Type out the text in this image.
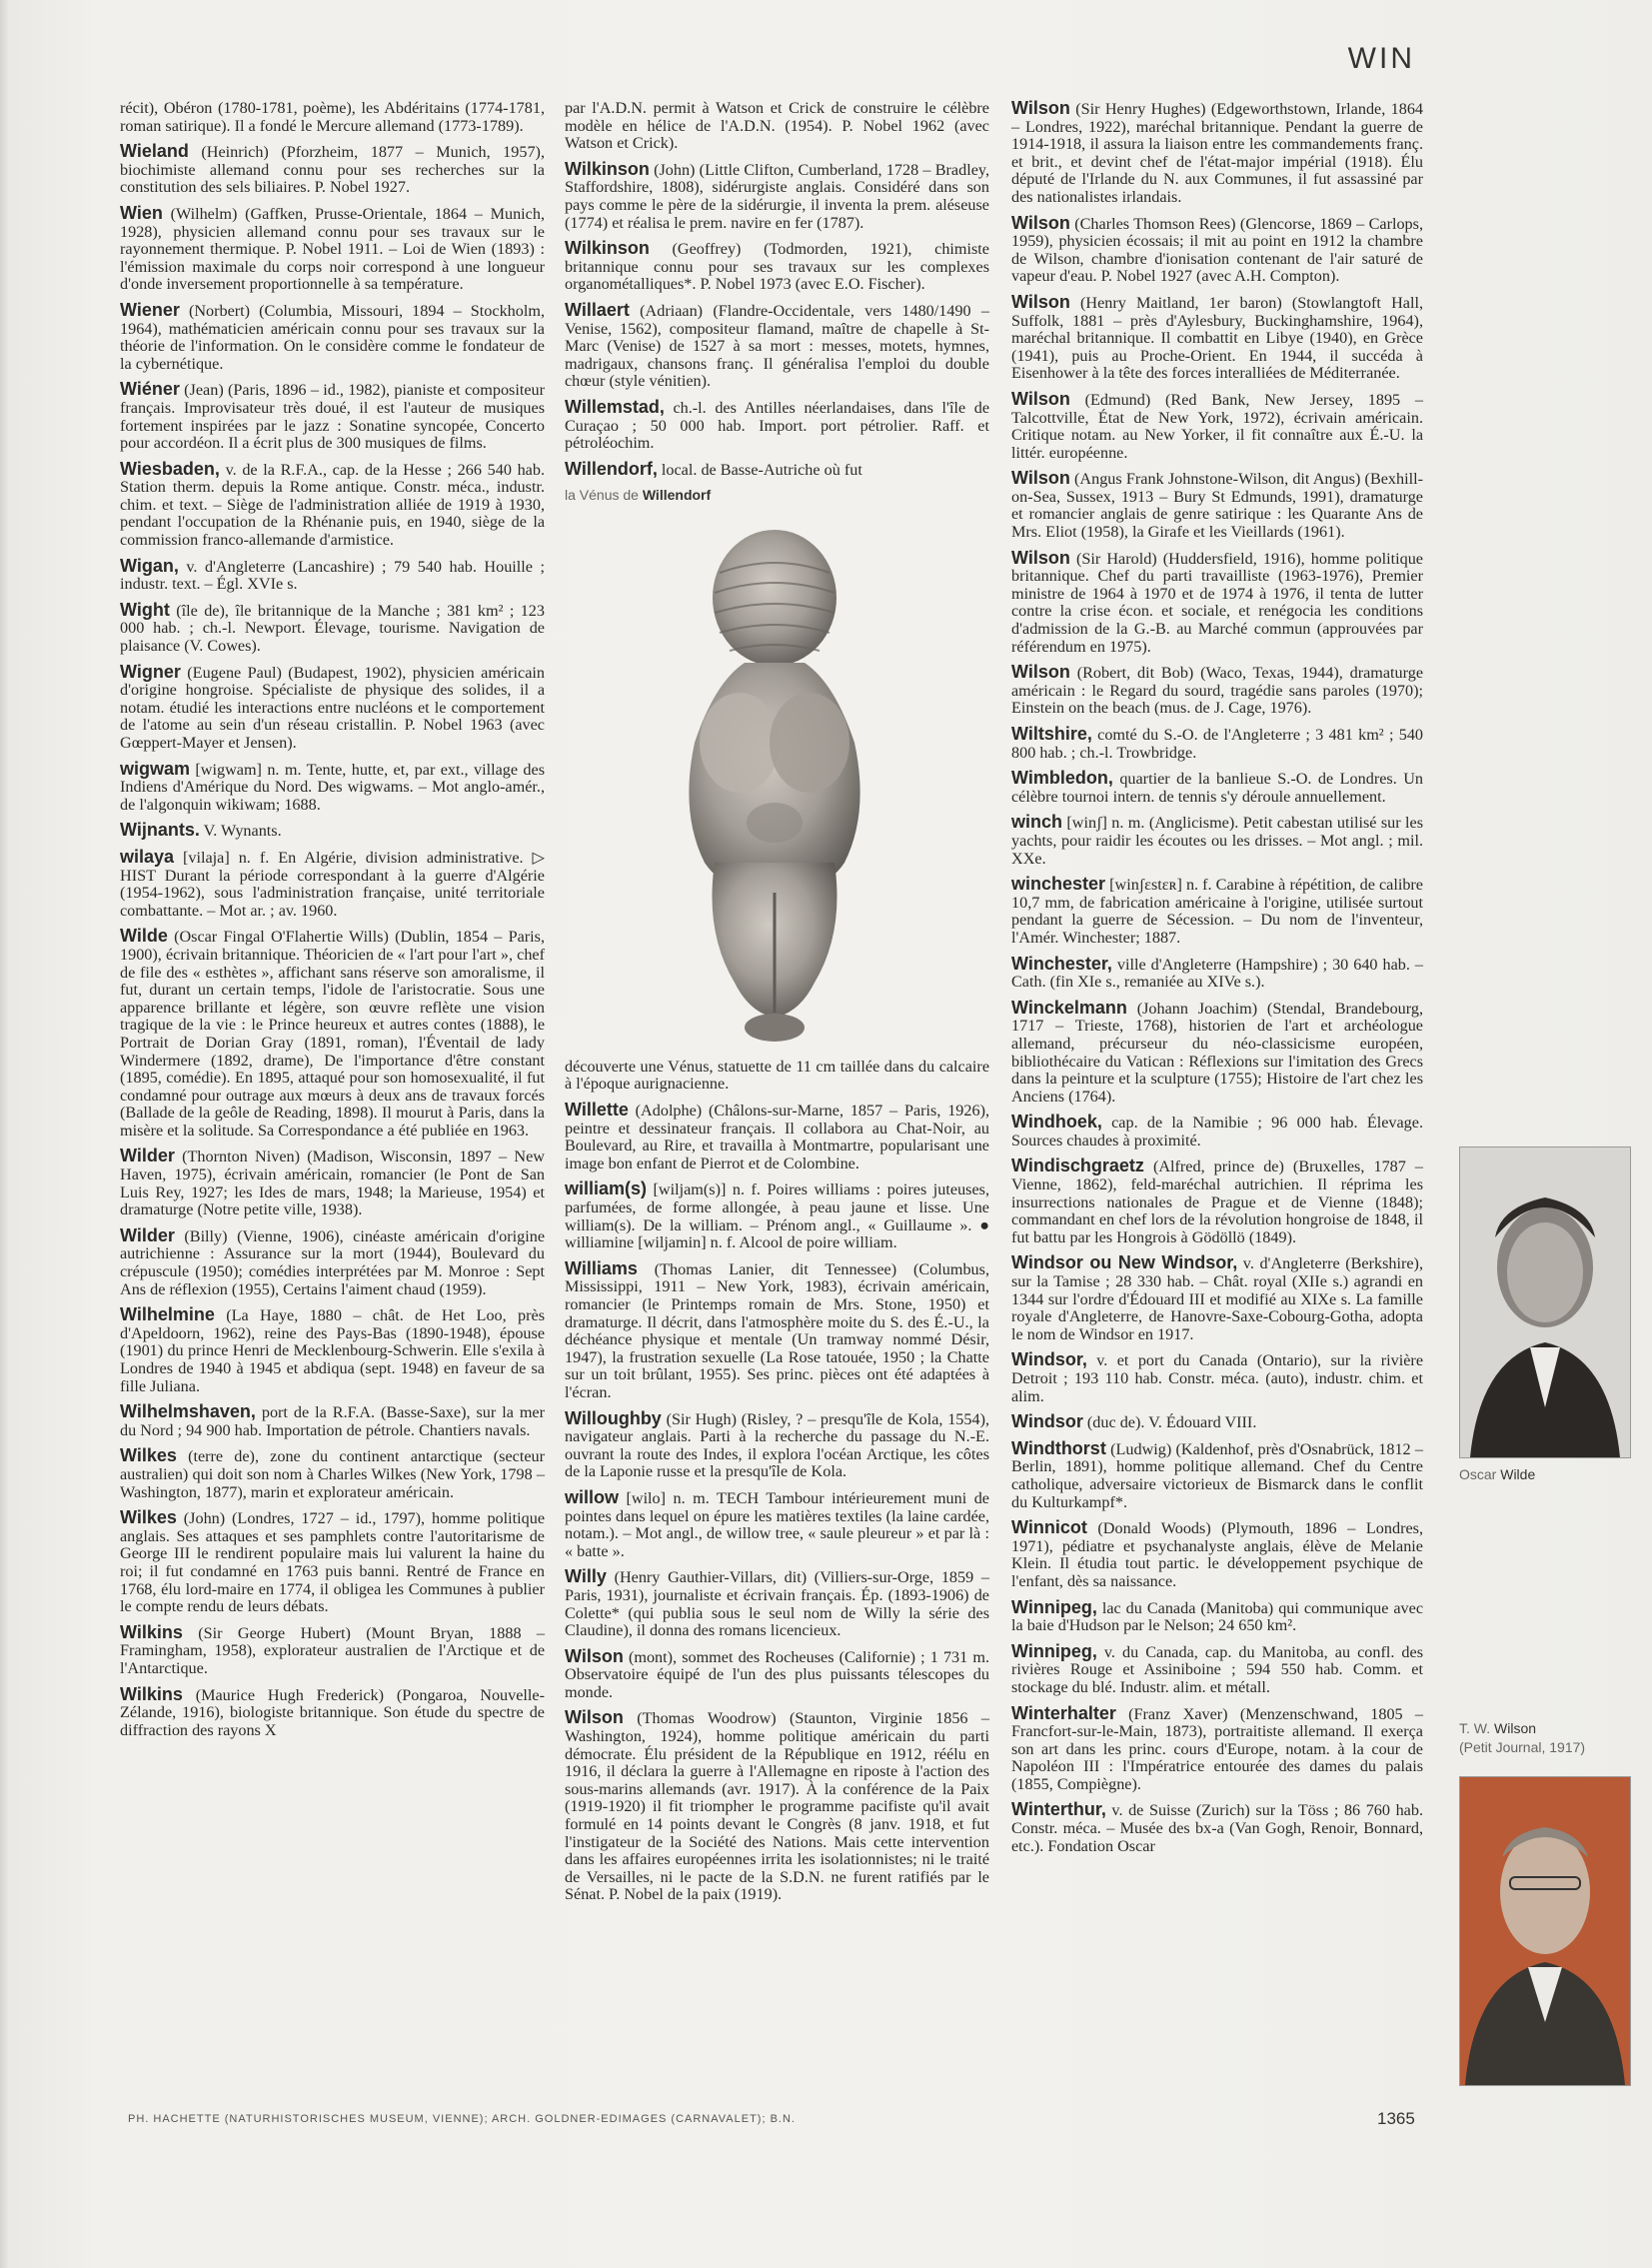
WIN

récit), Obéron (1780-1781, poème), les Abdéritains (1774-1781, roman satirique). Il a fondé le Mercure allemand (1773-1789).

Wieland (Heinrich) (Pforzheim, 1877 – Munich, 1957), biochimiste allemand connu pour ses recherches sur la constitution des sels biliaires. P. Nobel 1927.

Wien (Wilhelm) (Gaffken, Prusse-Orientale, 1864 – Munich, 1928), physicien allemand connu pour ses travaux sur le rayonnement thermique. P. Nobel 1911. – Loi de Wien (1893) : l'émission maximale du corps noir correspond à une longueur d'onde inversement proportionnelle à sa température.

Wiener (Norbert) (Columbia, Missouri, 1894 – Stockholm, 1964), mathématicien américain connu pour ses travaux sur la théorie de l'information. On le considère comme le fondateur de la cybernétique.

Wiéner (Jean) (Paris, 1896 – id., 1982), pianiste et compositeur français. Improvisateur très doué, il est l'auteur de musiques fortement inspirées par le jazz : Sonatine syncopée, Concerto pour accordéon. Il a écrit plus de 300 musiques de films.

Wiesbaden, v. de la R.F.A., cap. de la Hesse ; 266 540 hab. Station therm. depuis la Rome antique. Constr. méca., industr. chim. et text. – Siège de l'administration alliée de 1919 à 1930, pendant l'occupation de la Rhénanie puis, en 1940, siège de la commission franco-allemande d'armistice.

Wigan, v. d'Angleterre (Lancashire) ; 79 540 hab. Houille ; industr. text. – Égl. XVIe s.

Wight (île de), île britannique de la Manche ; 381 km² ; 123 000 hab. ; ch.-l. Newport. Élevage, tourisme. Navigation de plaisance (V. Cowes).

Wigner (Eugene Paul) (Budapest, 1902), physicien américain d'origine hongroise. Spécialiste de physique des solides, il a notam. étudié les interactions entre nucléons et le comportement de l'atome au sein d'un réseau cristallin. P. Nobel 1963 (avec Gœppert-Mayer et Jensen).

wigwam [wigwam] n. m. Tente, hutte, et, par ext., village des Indiens d'Amérique du Nord. Des wigwams. – Mot anglo-amér., de l'algonquin wikiwam; 1688.

Wijnants. V. Wynants.

wilaya [vilaja] n. f. En Algérie, division administrative. ▷ HIST Durant la période correspondant à la guerre d'Algérie (1954-1962), sous l'administration française, unité territoriale combattante. – Mot ar. ; av. 1960.

Wilde (Oscar Fingal O'Flahertie Wills) (Dublin, 1854 – Paris, 1900), écrivain britannique. Théoricien de « l'art pour l'art », chef de file des « esthètes », affichant sans réserve son amoralisme, il fut, durant un certain temps, l'idole de l'aristocratie. Sous une apparence brillante et légère, son œuvre reflète une vision tragique de la vie : le Prince heureux et autres contes (1888), le Portrait de Dorian Gray (1891, roman), l'Éventail de lady Windermere (1892, drame), De l'importance d'être constant (1895, comédie). En 1895, attaqué pour son homosexualité, il fut condamné pour outrage aux mœurs à deux ans de travaux forcés (Ballade de la geôle de Reading, 1898). Il mourut à Paris, dans la misère et la solitude. Sa Correspondance a été publiée en 1963.

Wilder (Thornton Niven) (Madison, Wisconsin, 1897 – New Haven, 1975), écrivain américain, romancier (le Pont de San Luis Rey, 1927; les Ides de mars, 1948; la Marieuse, 1954) et dramaturge (Notre petite ville, 1938).

Wilder (Billy) (Vienne, 1906), cinéaste américain d'origine autrichienne : Assurance sur la mort (1944), Boulevard du crépuscule (1950); comédies interprétées par M. Monroe : Sept Ans de réflexion (1955), Certains l'aiment chaud (1959).

Wilhelmine (La Haye, 1880 – chât. de Het Loo, près d'Apeldoorn, 1962), reine des Pays-Bas (1890-1948), épouse (1901) du prince Henri de Mecklenbourg-Schwerin. Elle s'exila à Londres de 1940 à 1945 et abdiqua (sept. 1948) en faveur de sa fille Juliana.

Wilhelmshaven, port de la R.F.A. (Basse-Saxe), sur la mer du Nord ; 94 900 hab. Importation de pétrole. Chantiers navals.

Wilkes (terre de), zone du continent antarctique (secteur australien) qui doit son nom à Charles Wilkes (New York, 1798 – Washington, 1877), marin et explorateur américain.

Wilkes (John) (Londres, 1727 – id., 1797), homme politique anglais. Ses attaques et ses pamphlets contre l'autoritarisme de George III le rendirent populaire mais lui valurent la haine du roi; il fut condamné en 1763 puis banni. Rentré de France en 1768, élu lord-maire en 1774, il obligea les Communes à publier le compte rendu de leurs débats.

Wilkins (Sir George Hubert) (Mount Bryan, 1888 – Framingham, 1958), explorateur australien de l'Arctique et de l'Antarctique.

Wilkins (Maurice Hugh Frederick) (Pongaroa, Nouvelle-Zélande, 1916), biologiste britannique. Son étude du spectre de diffraction des rayons X

par l'A.D.N. permit à Watson et Crick de construire le célèbre modèle en hélice de l'A.D.N. (1954). P. Nobel 1962 (avec Watson et Crick).

Wilkinson (John) (Little Clifton, Cumberland, 1728 – Bradley, Staffordshire, 1808), sidérurgiste anglais. Considéré dans son pays comme le père de la sidérurgie, il inventa la prem. aléseuse (1774) et réalisa le prem. navire en fer (1787).

Wilkinson (Geoffrey) (Todmorden, 1921), chimiste britannique connu pour ses travaux sur les complexes organométalliques*. P. Nobel 1973 (avec E.O. Fischer).

Willaert (Adriaan) (Flandre-Occidentale, vers 1480/1490 – Venise, 1562), compositeur flamand, maître de chapelle à St-Marc (Venise) de 1527 à sa mort : messes, motets, hymnes, madrigaux, chansons franç. Il généralisa l'emploi du double chœur (style vénitien).

Willemstad, ch.-l. des Antilles néerlandaises, dans l'île de Curaçao ; 50 000 hab. Import. port pétrolier. Raff. et pétroléochim.

Willendorf, local. de Basse-Autriche où fut

la Vénus de Willendorf

découverte une Vénus, statuette de 11 cm taillée dans du calcaire à l'époque aurignacienne.

Willette (Adolphe) (Châlons-sur-Marne, 1857 – Paris, 1926), peintre et dessinateur français. Il collabora au Chat-Noir, au Boulevard, au Rire, et travailla à Montmartre, popularisant une image bon enfant de Pierrot et de Colombine.

william(s) [wiljam(s)] n. f. Poires williams : poires juteuses, parfumées, de forme allongée, à peau jaune et lisse. Une william(s). De la william. – Prénom angl., « Guillaume ». ● williamine [wiljamin] n. f. Alcool de poire william.

Williams (Thomas Lanier, dit Tennessee) (Columbus, Mississippi, 1911 – New York, 1983), écrivain américain, romancier (le Printemps romain de Mrs. Stone, 1950) et dramaturge. Il décrit, dans l'atmosphère moite du S. des É.-U., la déchéance physique et mentale (Un tramway nommé Désir, 1947), la frustration sexuelle (La Rose tatouée, 1950 ; la Chatte sur un toit brûlant, 1955). Ses princ. pièces ont été adaptées à l'écran.

Willoughby (Sir Hugh) (Risley, ? – presqu'île de Kola, 1554), navigateur anglais. Parti à la recherche du passage du N.-E. ouvrant la route des Indes, il explora l'océan Arctique, les côtes de la Laponie russe et la presqu'île de Kola.

willow [wilo] n. m. TECH Tambour intérieurement muni de pointes dans lequel on épure les matières textiles (la laine cardée, notam.). – Mot angl., de willow tree, « saule pleureur » et par là : « batte ».

Willy (Henry Gauthier-Villars, dit) (Villiers-sur-Orge, 1859 – Paris, 1931), journaliste et écrivain français. Ép. (1893-1906) de Colette* (qui publia sous le seul nom de Willy la série des Claudine), il donna des romans licencieux.

Wilson (mont), sommet des Rocheuses (Californie) ; 1 731 m. Observatoire équipé de l'un des plus puissants télescopes du monde.

Wilson (Thomas Woodrow) (Staunton, Virginie 1856 – Washington, 1924), homme politique américain du parti démocrate. Élu président de la République en 1912, réélu en 1916, il déclara la guerre à l'Allemagne en riposte à l'action des sous-marins allemands (avr. 1917). À la conférence de la Paix (1919-1920) il fit triompher le programme pacifiste qu'il avait formulé en 14 points devant le Congrès (8 janv. 1918, et fut l'instigateur de la Société des Nations. Mais cette intervention dans les affaires européennes irrita les isolationnistes; ni le traité de Versailles, ni le pacte de la S.D.N. ne furent ratifiés par le Sénat. P. Nobel de la paix (1919).

Wilson (Sir Henry Hughes) (Edgeworthstown, Irlande, 1864 – Londres, 1922), maréchal britannique. Pendant la guerre de 1914-1918, il assura la liaison entre les commandements franç. et brit., et devint chef de l'état-major impérial (1918). Élu député de l'Irlande du N. aux Communes, il fut assassiné par des nationalistes irlandais.

Wilson (Charles Thomson Rees) (Glencorse, 1869 – Carlops, 1959), physicien écossais; il mit au point en 1912 la chambre de Wilson, chambre d'ionisation contenant de l'air saturé de vapeur d'eau. P. Nobel 1927 (avec A.H. Compton).

Wilson (Henry Maitland, 1er baron) (Stowlangtoft Hall, Suffolk, 1881 – près d'Aylesbury, Buckinghamshire, 1964), maréchal britannique. Il combattit en Libye (1940), en Grèce (1941), puis au Proche-Orient. En 1944, il succéda à Eisenhower à la tête des forces interalliées de Méditerranée.

Wilson (Edmund) (Red Bank, New Jersey, 1895 – Talcottville, État de New York, 1972), écrivain américain. Critique notam. au New Yorker, il fit connaître aux É.-U. la littér. européenne.

Wilson (Angus Frank Johnstone-Wilson, dit Angus) (Bexhill-on-Sea, Sussex, 1913 – Bury St Edmunds, 1991), dramaturge et romancier anglais de genre satirique : les Quarante Ans de Mrs. Eliot (1958), la Girafe et les Vieillards (1961).

Wilson (Sir Harold) (Huddersfield, 1916), homme politique britannique. Chef du parti travailliste (1963-1976), Premier ministre de 1964 à 1970 et de 1974 à 1976, il tenta de lutter contre la crise écon. et sociale, et renégocia les conditions d'admission de la G.-B. au Marché commun (approuvées par référendum en 1975).

Wilson (Robert, dit Bob) (Waco, Texas, 1944), dramaturge américain : le Regard du sourd, tragédie sans paroles (1970); Einstein on the beach (mus. de J. Cage, 1976).

Wiltshire, comté du S.-O. de l'Angleterre ; 3 481 km² ; 540 800 hab. ; ch.-l. Trowbridge.

Wimbledon, quartier de la banlieue S.-O. de Londres. Un célèbre tournoi intern. de tennis s'y déroule annuellement.

winch [winʃ] n. m. (Anglicisme). Petit cabestan utilisé sur les yachts, pour raidir les écoutes ou les drisses. – Mot angl. ; mil. XXe.

winchester [winʃɛstɛʀ] n. f. Carabine à répétition, de calibre 10,7 mm, de fabrication américaine à l'origine, utilisée surtout pendant la guerre de Sécession. – Du nom de l'inventeur, l'Amér. Winchester; 1887.

Winchester, ville d'Angleterre (Hampshire) ; 30 640 hab. – Cath. (fin XIe s., remaniée au XIVe s.).

Winckelmann (Johann Joachim) (Stendal, Brandebourg, 1717 – Trieste, 1768), historien de l'art et archéologue allemand, précurseur du néo-classicisme européen, bibliothécaire du Vatican : Réflexions sur l'imitation des Grecs dans la peinture et la sculpture (1755); Histoire de l'art chez les Anciens (1764).

Windhoek, cap. de la Namibie ; 96 000 hab. Élevage. Sources chaudes à proximité.

Windischgraetz (Alfred, prince de) (Bruxelles, 1787 – Vienne, 1862), feld-maréchal autrichien. Il réprima les insurrections nationales de Prague et de Vienne (1848); commandant en chef lors de la révolution hongroise de 1848, il fut battu par les Hongrois à Gödöllö (1849).

Windsor ou New Windsor, v. d'Angleterre (Berkshire), sur la Tamise ; 28 330 hab. – Chât. royal (XIIe s.) agrandi en 1344 sur l'ordre d'Édouard III et modifié au XIXe s. La famille royale d'Angleterre, de Hanovre-Saxe-Cobourg-Gotha, adopta le nom de Windsor en 1917.

Windsor, v. et port du Canada (Ontario), sur la rivière Detroit ; 193 110 hab. Constr. méca. (auto), industr. chim. et alim.

Windsor (duc de). V. Édouard VIII.

Windthorst (Ludwig) (Kaldenhof, près d'Osnabrück, 1812 – Berlin, 1891), homme politique allemand. Chef du Centre catholique, adversaire victorieux de Bismarck dans le conflit du Kulturkampf*.

Winnicot (Donald Woods) (Plymouth, 1896 – Londres, 1971), pédiatre et psychanalyste anglais, élève de Melanie Klein. Il étudia tout partic. le développement psychique de l'enfant, dès sa naissance.

Winnipeg, lac du Canada (Manitoba) qui communique avec la baie d'Hudson par le Nelson; 24 650 km².

Winnipeg, v. du Canada, cap. du Manitoba, au confl. des rivières Rouge et Assiniboine ; 594 550 hab. Comm. et stockage du blé. Industr. alim. et métall.

Winterhalter (Franz Xaver) (Menzenschwand, 1805 – Francfort-sur-le-Main, 1873), portraitiste allemand. Il exerça son art dans les princ. cours d'Europe, notam. à la cour de Napoléon III : l'Impératrice entourée des dames du palais (1855, Compiègne).

Winterthur, v. de Suisse (Zurich) sur la Töss ; 86 760 hab. Constr. méca. – Musée des bx-a (Van Gogh, Renoir, Bonnard, etc.). Fondation Oscar

Oscar Wilde
T. W. Wilson
(Petit Journal, 1917)
PH. HACHETTE (NATURHISTORISCHES MUSEUM, VIENNE); ARCH. GOLDNER-EDIMAGES (CARNAVALET); B.N.	1365
